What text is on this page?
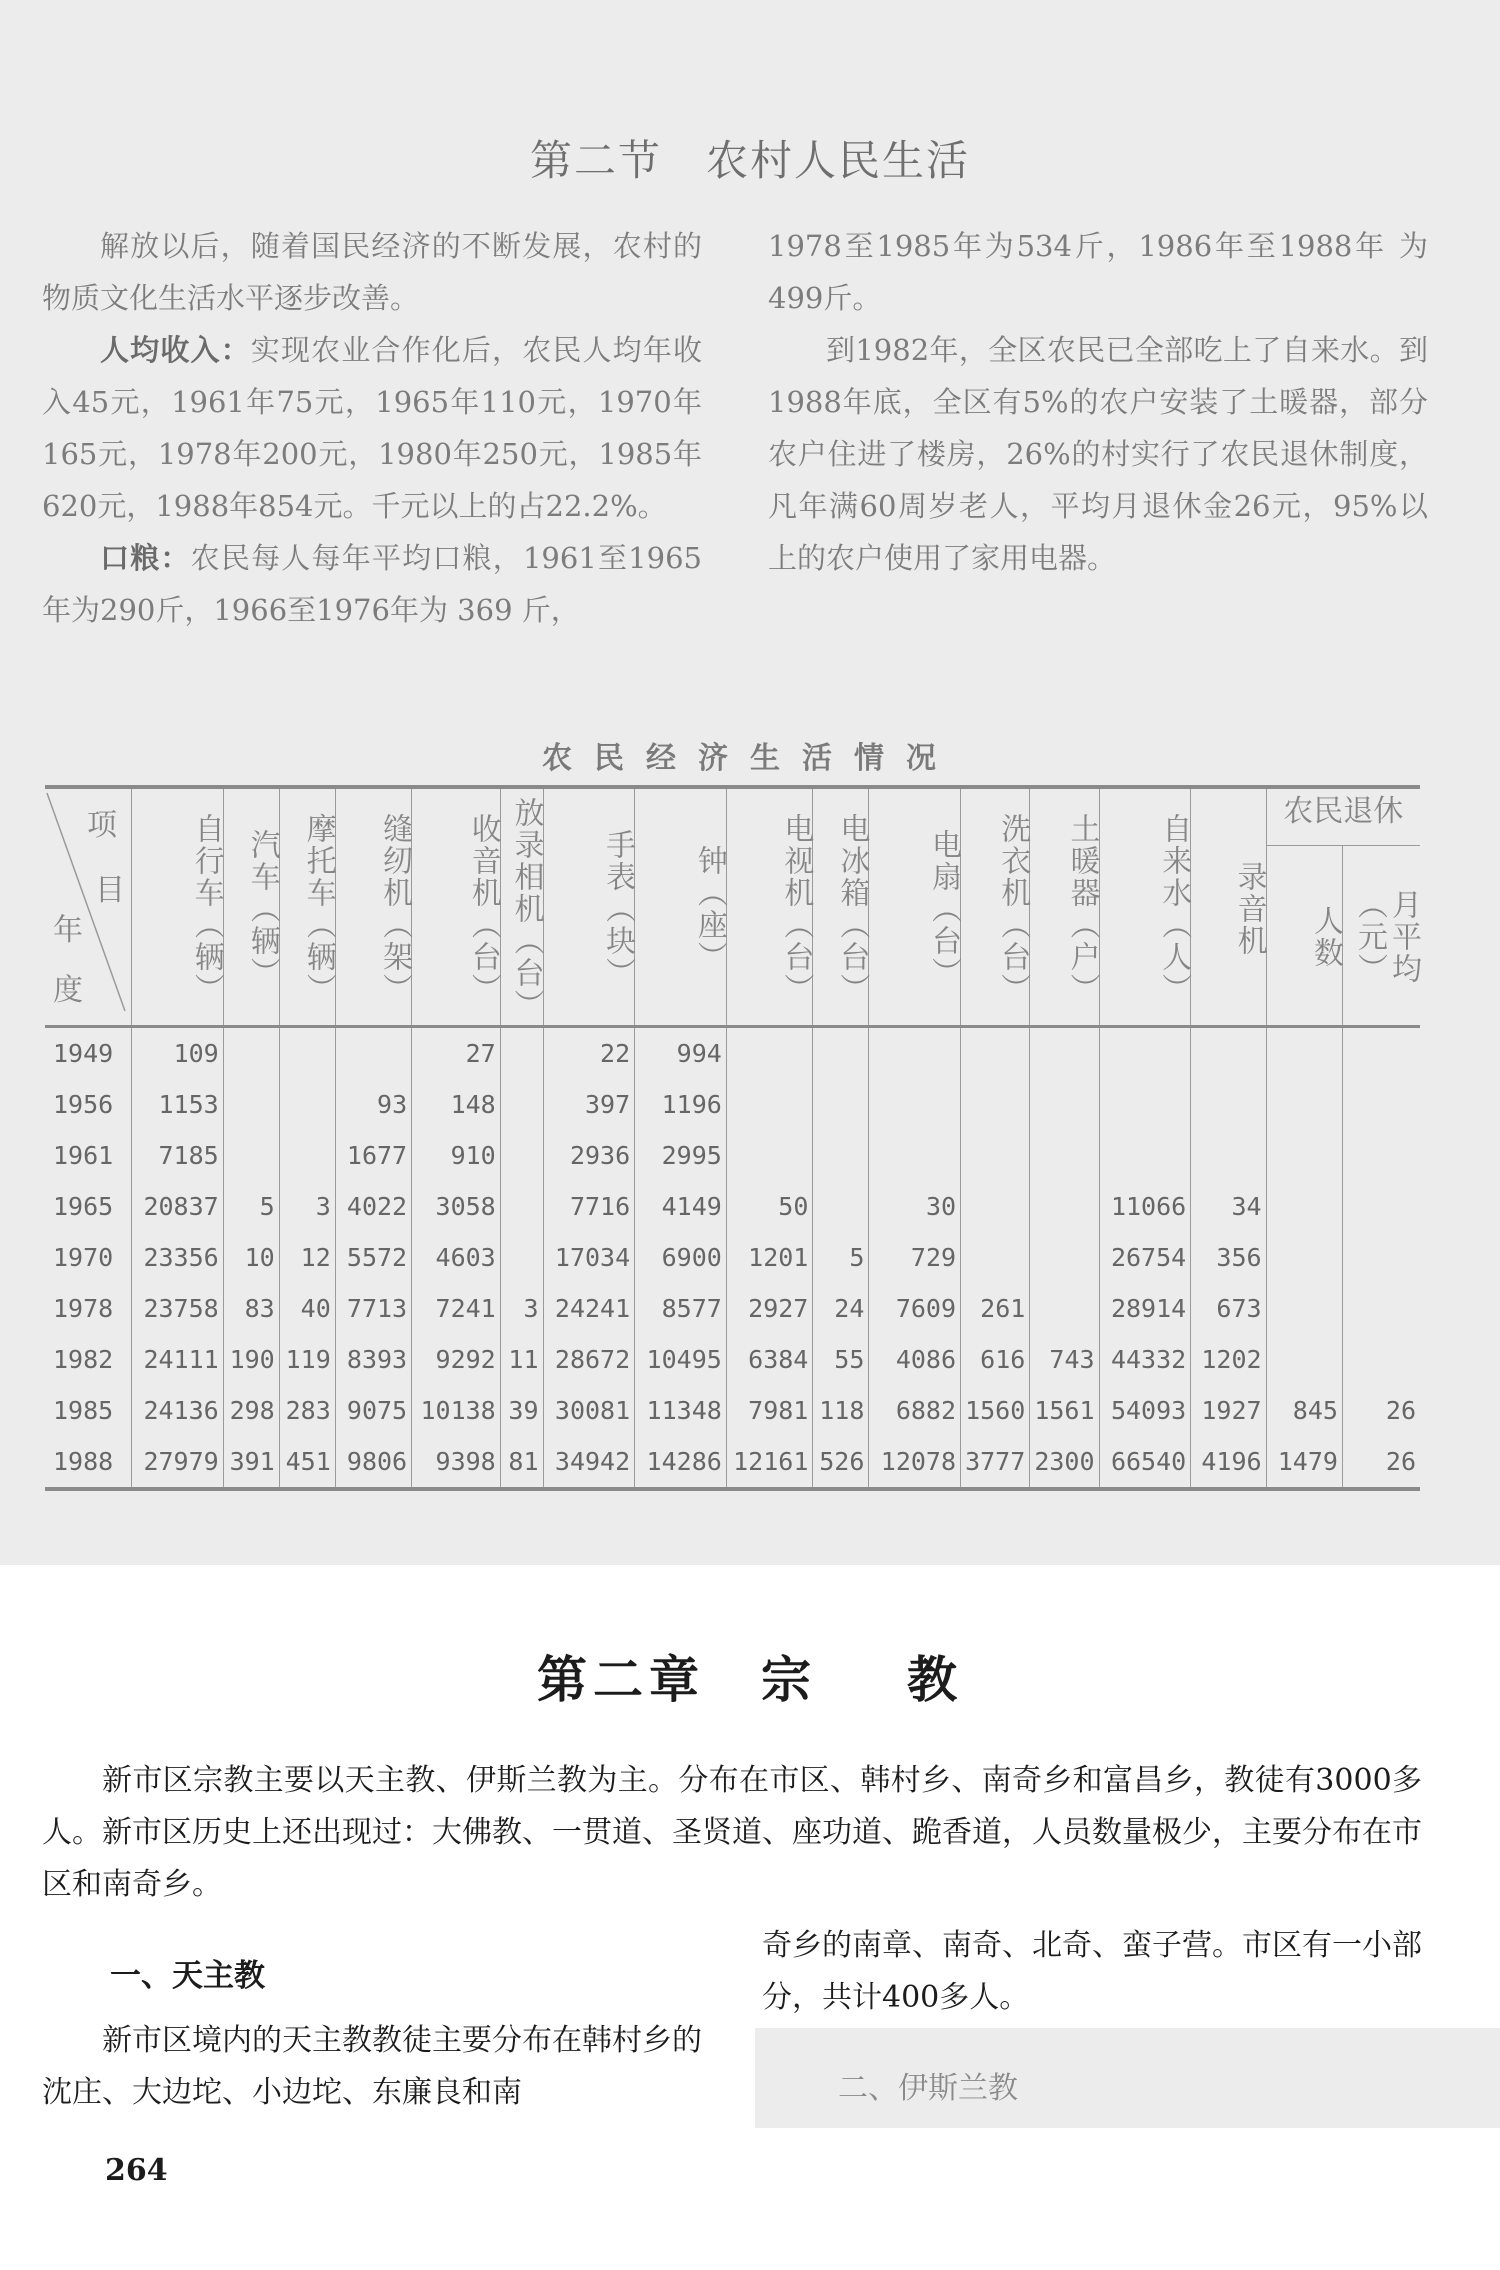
第二节　农村人民生活

解放以后，随着国民经济的不断发展，农村的物质文化生活水平逐步改善。

人均收入：实现农业合作化后，农民人均年收入45元，1961年75元，1965年110元，1970年165元，1978年200元，1980年250元，1985年620元，1988年854元。千元以上的占22.2%。

口粮：农民每人每年平均口粮，1961至1965年为290斤，1966至1976年为 369 斤，

1978至1985年为534斤，1986年至1988年 为499斤。

到1982年，全区农民已全部吃上了自来水。到1988年底，全区有5%的农户安装了土暖器，部分农户住进了楼房，26%的村实行了农民退休制度，凡年满60周岁老人，平均月退休金26元，95%以上的农户使用了家用电器。

农民经济生活情况
项
目
年
度	自行车（辆）	汽车（辆）	摩托车（辆）	缝纫机（架）	收音机（台）	放录相机（台）	手表（块）	钟（座）	电视机（台）	电冰箱（台）	电扇（台）	洗衣机（台）	土暖器（户）	自来水（人）	录音机	农民退休	
																人数	月平均（元）
1949	109				27		22	994									
1956	1153			93	148		397	1196									
1961	7185			1677	910		2936	2995									
1965	20837	5	3	4022	3058		7716	4149	50		30			11066	34		
1970	23356	10	12	5572	4603		17034	6900	1201	5	729			26754	356		
1978	23758	83	40	7713	7241	3	24241	8577	2927	24	7609	261		28914	673		
1982	24111	190	119	8393	9292	11	28672	10495	6384	55	4086	616	743	44332	1202		
1985	24136	298	283	9075	10138	39	30081	11348	7981	118	6882	1560	1561	54093	1927	845	26
1988	27979	391	451	9806	9398	81	34942	14286	12161	526	12078	3777	2300	66540	4196	1479	26
第二章　宗 教
新市区宗教主要以天主教、伊斯兰教为主。分布在市区、韩村乡、南奇乡和富昌乡，教徒有3000多人。新市区历史上还出现过：大佛教、一贯道、圣贤道、座功道、跪香道，人员数量极少，主要分布在市区和南奇乡。
一、天主教
新市区境内的天主教教徒主要分布在韩村乡的沈庄、大边坨、小边坨、东廉良和南
奇乡的南章、南奇、北奇、蛮子营。市区有一小部分，共计400多人。
二、伊斯兰教
264
